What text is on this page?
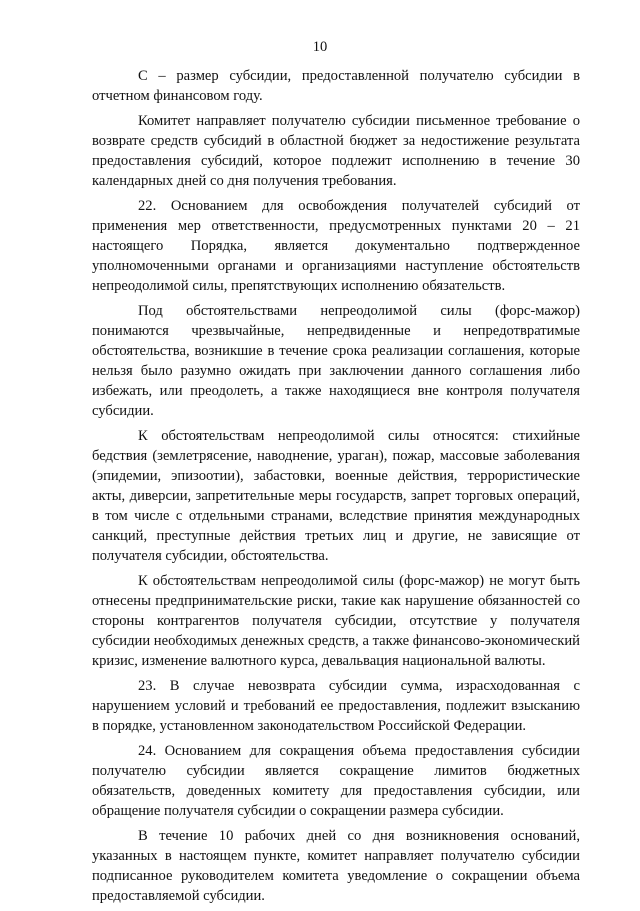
10

С – размер субсидии, предоставленной получателю субсидии в отчетном финансовом году.

Комитет направляет получателю субсидии письменное требование о возврате средств субсидий в областной бюджет за недостижение результата предоставления субсидий, которое подлежит исполнению в течение 30 календарных дней со дня получения требования.

22. Основанием для освобождения получателей субсидий от применения мер ответственности, предусмотренных пунктами 20 – 21 настоящего Порядка, является документально подтвержденное уполномоченными органами и организациями наступление обстоятельств непреодолимой силы, препятствующих исполнению обязательств.

Под обстоятельствами непреодолимой силы (форс-мажор) понимаются чрезвычайные, непредвиденные и непредотвратимые обстоятельства, возникшие в течение срока реализации соглашения, которые нельзя было разумно ожидать при заключении данного соглашения либо избежать, или преодолеть, а также находящиеся вне контроля получателя субсидии.

К обстоятельствам непреодолимой силы относятся: стихийные бедствия (землетрясение, наводнение, ураган), пожар, массовые заболевания (эпидемии, эпизоотии), забастовки, военные действия, террористические акты, диверсии, запретительные меры государств, запрет торговых операций, в том числе с отдельными странами, вследствие принятия международных санкций, преступные действия третьих лиц и другие, не зависящие от получателя субсидии, обстоятельства.

К обстоятельствам непреодолимой силы (форс-мажор) не могут быть отнесены предпринимательские риски, такие как нарушение обязанностей со стороны контрагентов получателя субсидии, отсутствие у получателя субсидии необходимых денежных средств, а также финансово-экономический кризис, изменение валютного курса, девальвация национальной валюты.

23. В случае невозврата субсидии сумма, израсходованная с нарушением условий и требований ее предоставления, подлежит взысканию в порядке, установленном законодательством Российской Федерации.

24. Основанием для сокращения объема предоставления субсидии получателю субсидии является сокращение лимитов бюджетных обязательств, доведенных комитету для предоставления субсидии, или обращение получателя субсидии о сокращении размера субсидии.

В течение 10 рабочих дней со дня возникновения оснований, указанных в настоящем пункте, комитет направляет получателю субсидии подписанное руководителем комитета уведомление о сокращении объема предоставляемой субсидии.
